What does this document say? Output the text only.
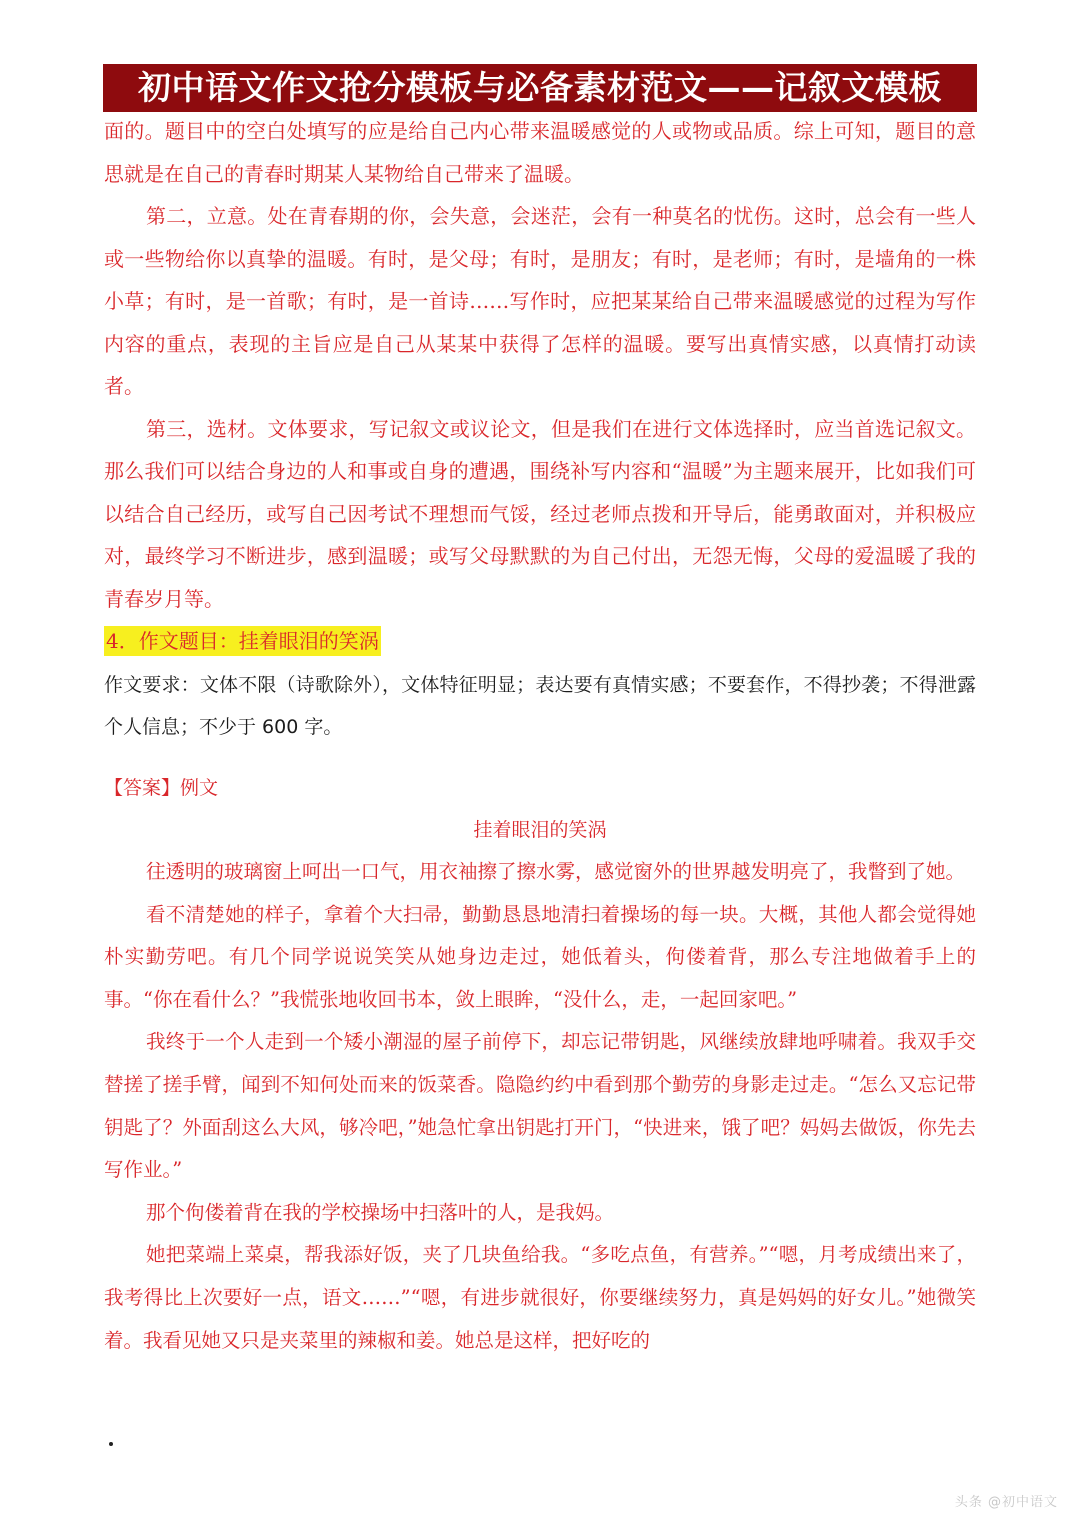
初中语文作文抢分模板与必备素材范文——记叙文模板

面的。题目中的空白处填写的应是给自己内心带来温暖感觉的人或物或品质。综上可知，题目的意思就是在自己的青春时期某人某物给自己带来了温暖。

第二，立意。处在青春期的你，会失意，会迷茫，会有一种莫名的忧伤。这时，总会有一些人或一些物给你以真挚的温暖。有时，是父母；有时，是朋友；有时，是老师；有时，是墙角的一株小草；有时，是一首歌；有时，是一首诗……写作时，应把某某给自己带来温暖感觉的过程为写作内容的重点，表现的主旨应是自己从某某中获得了怎样的温暖。要写出真情实感，以真情打动读者。

第三，选材。文体要求，写记叙文或议论文，但是我们在进行文体选择时，应当首选记叙文。那么我们可以结合身边的人和事或自身的遭遇，围绕补写内容和“温暖”为主题来展开，比如我们可以结合自己经历，或写自己因考试不理想而气馁，经过老师点拨和开导后，能勇敢面对，并积极应对，最终学习不断进步，感到温暖；或写父母默默的为自己付出，无怨无悔，父母的爱温暖了我的青春岁月等。

4．作文题目：挂着眼泪的笑涡

作文要求：文体不限（诗歌除外），文体特征明显；表达要有真情实感；不要套作，不得抄袭；不得泄露个人信息；不少于 600 字。

【答案】例文

挂着眼泪的笑涡

往透明的玻璃窗上呵出一口气，用衣袖擦了擦水雾，感觉窗外的世界越发明亮了，我瞥到了她。

看不清楚她的样子，拿着个大扫帚，勤勤恳恳地清扫着操场的每一块。大概，其他人都会觉得她朴实勤劳吧。有几个同学说说笑笑从她身边走过，她低着头，佝偻着背，那么专注地做着手上的事。“你在看什么？”我慌张地收回书本，敛上眼眸，“没什么，走，一起回家吧。”

我终于一个人走到一个矮小潮湿的屋子前停下，却忘记带钥匙，风继续放肆地呼啸着。我双手交替搓了搓手臂，闻到不知何处而来的饭菜香。隐隐约约中看到那个勤劳的身影走过走。“怎么又忘记带钥匙了？外面刮这么大风，够冷吧，”她急忙拿出钥匙打开门，“快进来，饿了吧？妈妈去做饭，你先去写作业。”

那个佝偻着背在我的学校操场中扫落叶的人，是我妈。

她把菜端上菜桌，帮我添好饭，夹了几块鱼给我。“多吃点鱼，有营养。”“嗯，月考成绩出来了，我考得比上次要好一点，语文……”“嗯，有进步就很好，你要继续努力，真是妈妈的好女儿。”她微笑着。我看见她又只是夹菜里的辣椒和姜。她总是这样，把好吃的

头条 @初中语文
